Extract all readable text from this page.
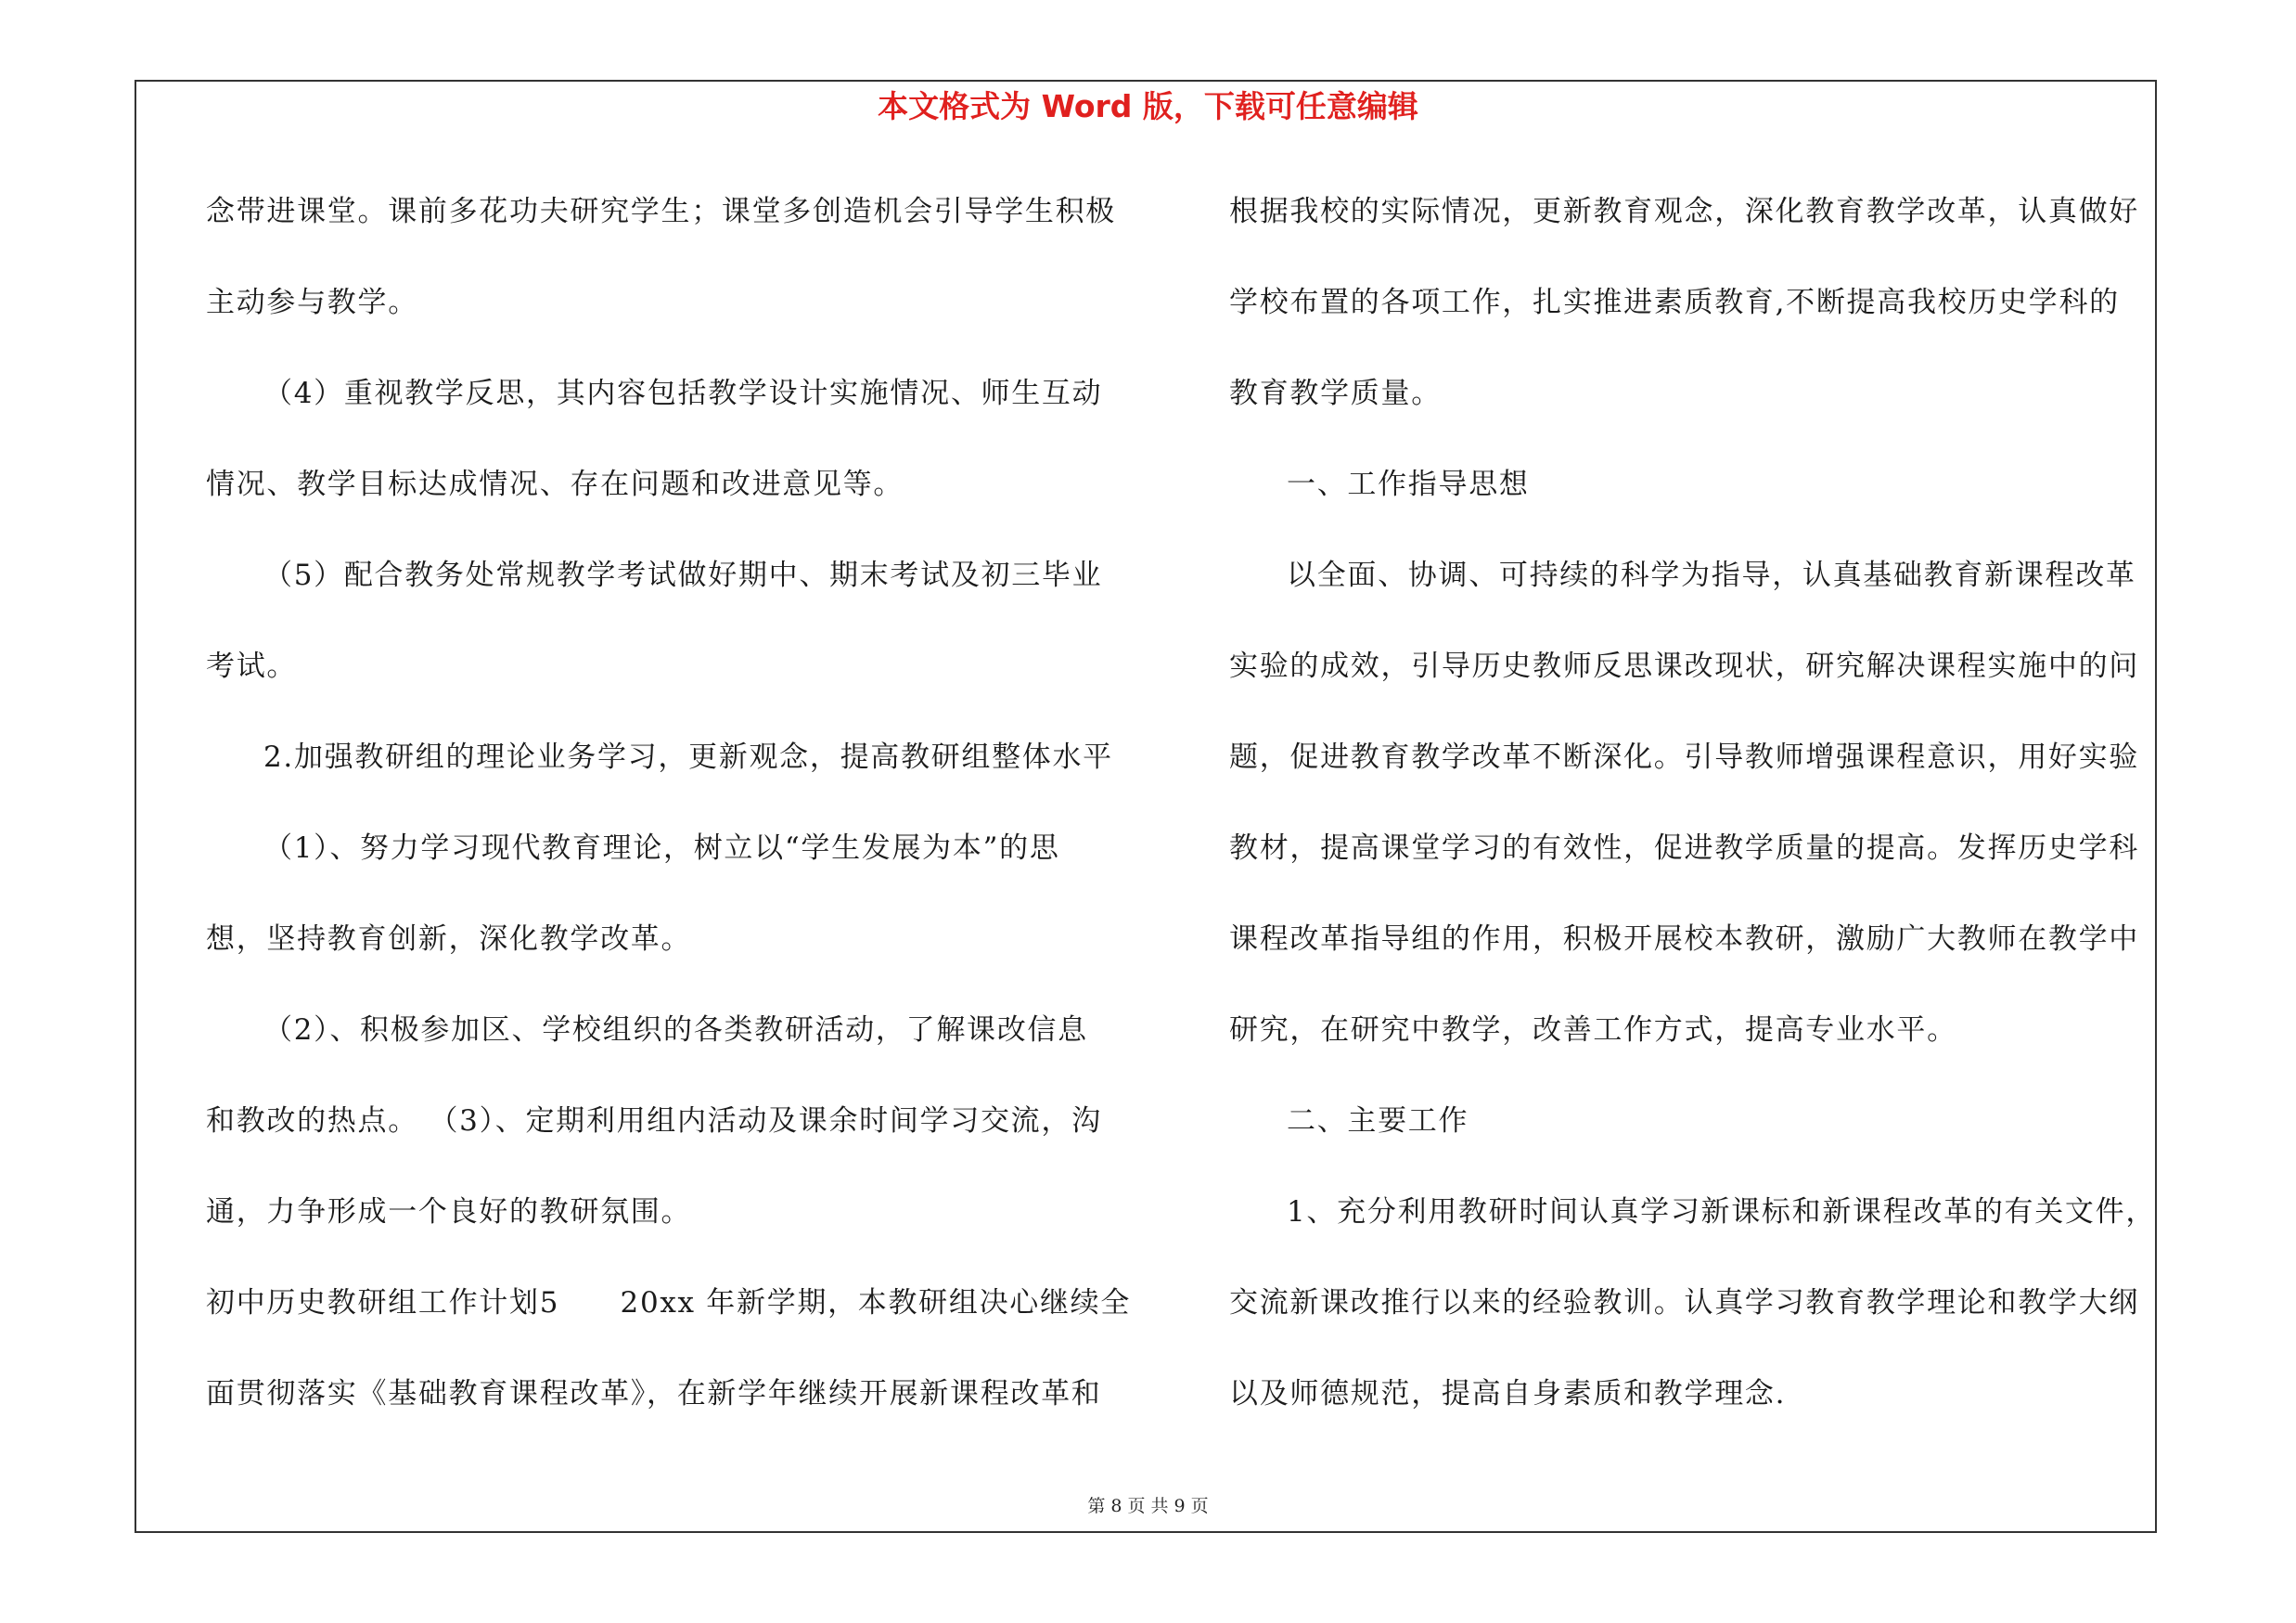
本文格式为 Word 版，下载可任意编辑
念带进课堂。课前多花功夫研究学生；课堂多创造机会引导学生积极
主动参与教学。
（4）重视教学反思，其内容包括教学设计实施情况、师生互动
情况、教学目标达成情况、存在问题和改进意见等。
（5）配合教务处常规教学考试做好期中、期末考试及初三毕业
考试。
2.加强教研组的理论业务学习，更新观念，提高教研组整体水平
（1）、努力学习现代教育理论，树立以“学生发展为本”的思
想，坚持教育创新，深化教学改革。
（2）、积极参加区、学校组织的各类教研活动，了解课改信息
和教改的热点。 （3）、定期利用组内活动及课余时间学习交流，沟
通，力争形成一个良好的教研氛围。
初中历史教研组工作计划5　　20xx 年新学期，本教研组决心继续全
面贯彻落实《基础教育课程改革》，在新学年继续开展新课程改革和
根据我校的实际情况，更新教育观念，深化教育教学改革，认真做好
学校布置的各项工作，扎实推进素质教育,不断提高我校历史学科的
教育教学质量。
一、工作指导思想
以全面、协调、可持续的科学为指导，认真基础教育新课程改革
实验的成效，引导历史教师反思课改现状，研究解决课程实施中的问
题，促进教育教学改革不断深化。引导教师增强课程意识，用好实验
教材，提高课堂学习的有效性，促进教学质量的提高。发挥历史学科
课程改革指导组的作用，积极开展校本教研，激励广大教师在教学中
研究，在研究中教学，改善工作方式，提高专业水平。
二、主要工作
1、充分利用教研时间认真学习新课标和新课程改革的有关文件，
交流新课改推行以来的经验教训。认真学习教育教学理论和教学大纲
以及师德规范，提高自身素质和教学理念.
第 8 页 共 9 页
